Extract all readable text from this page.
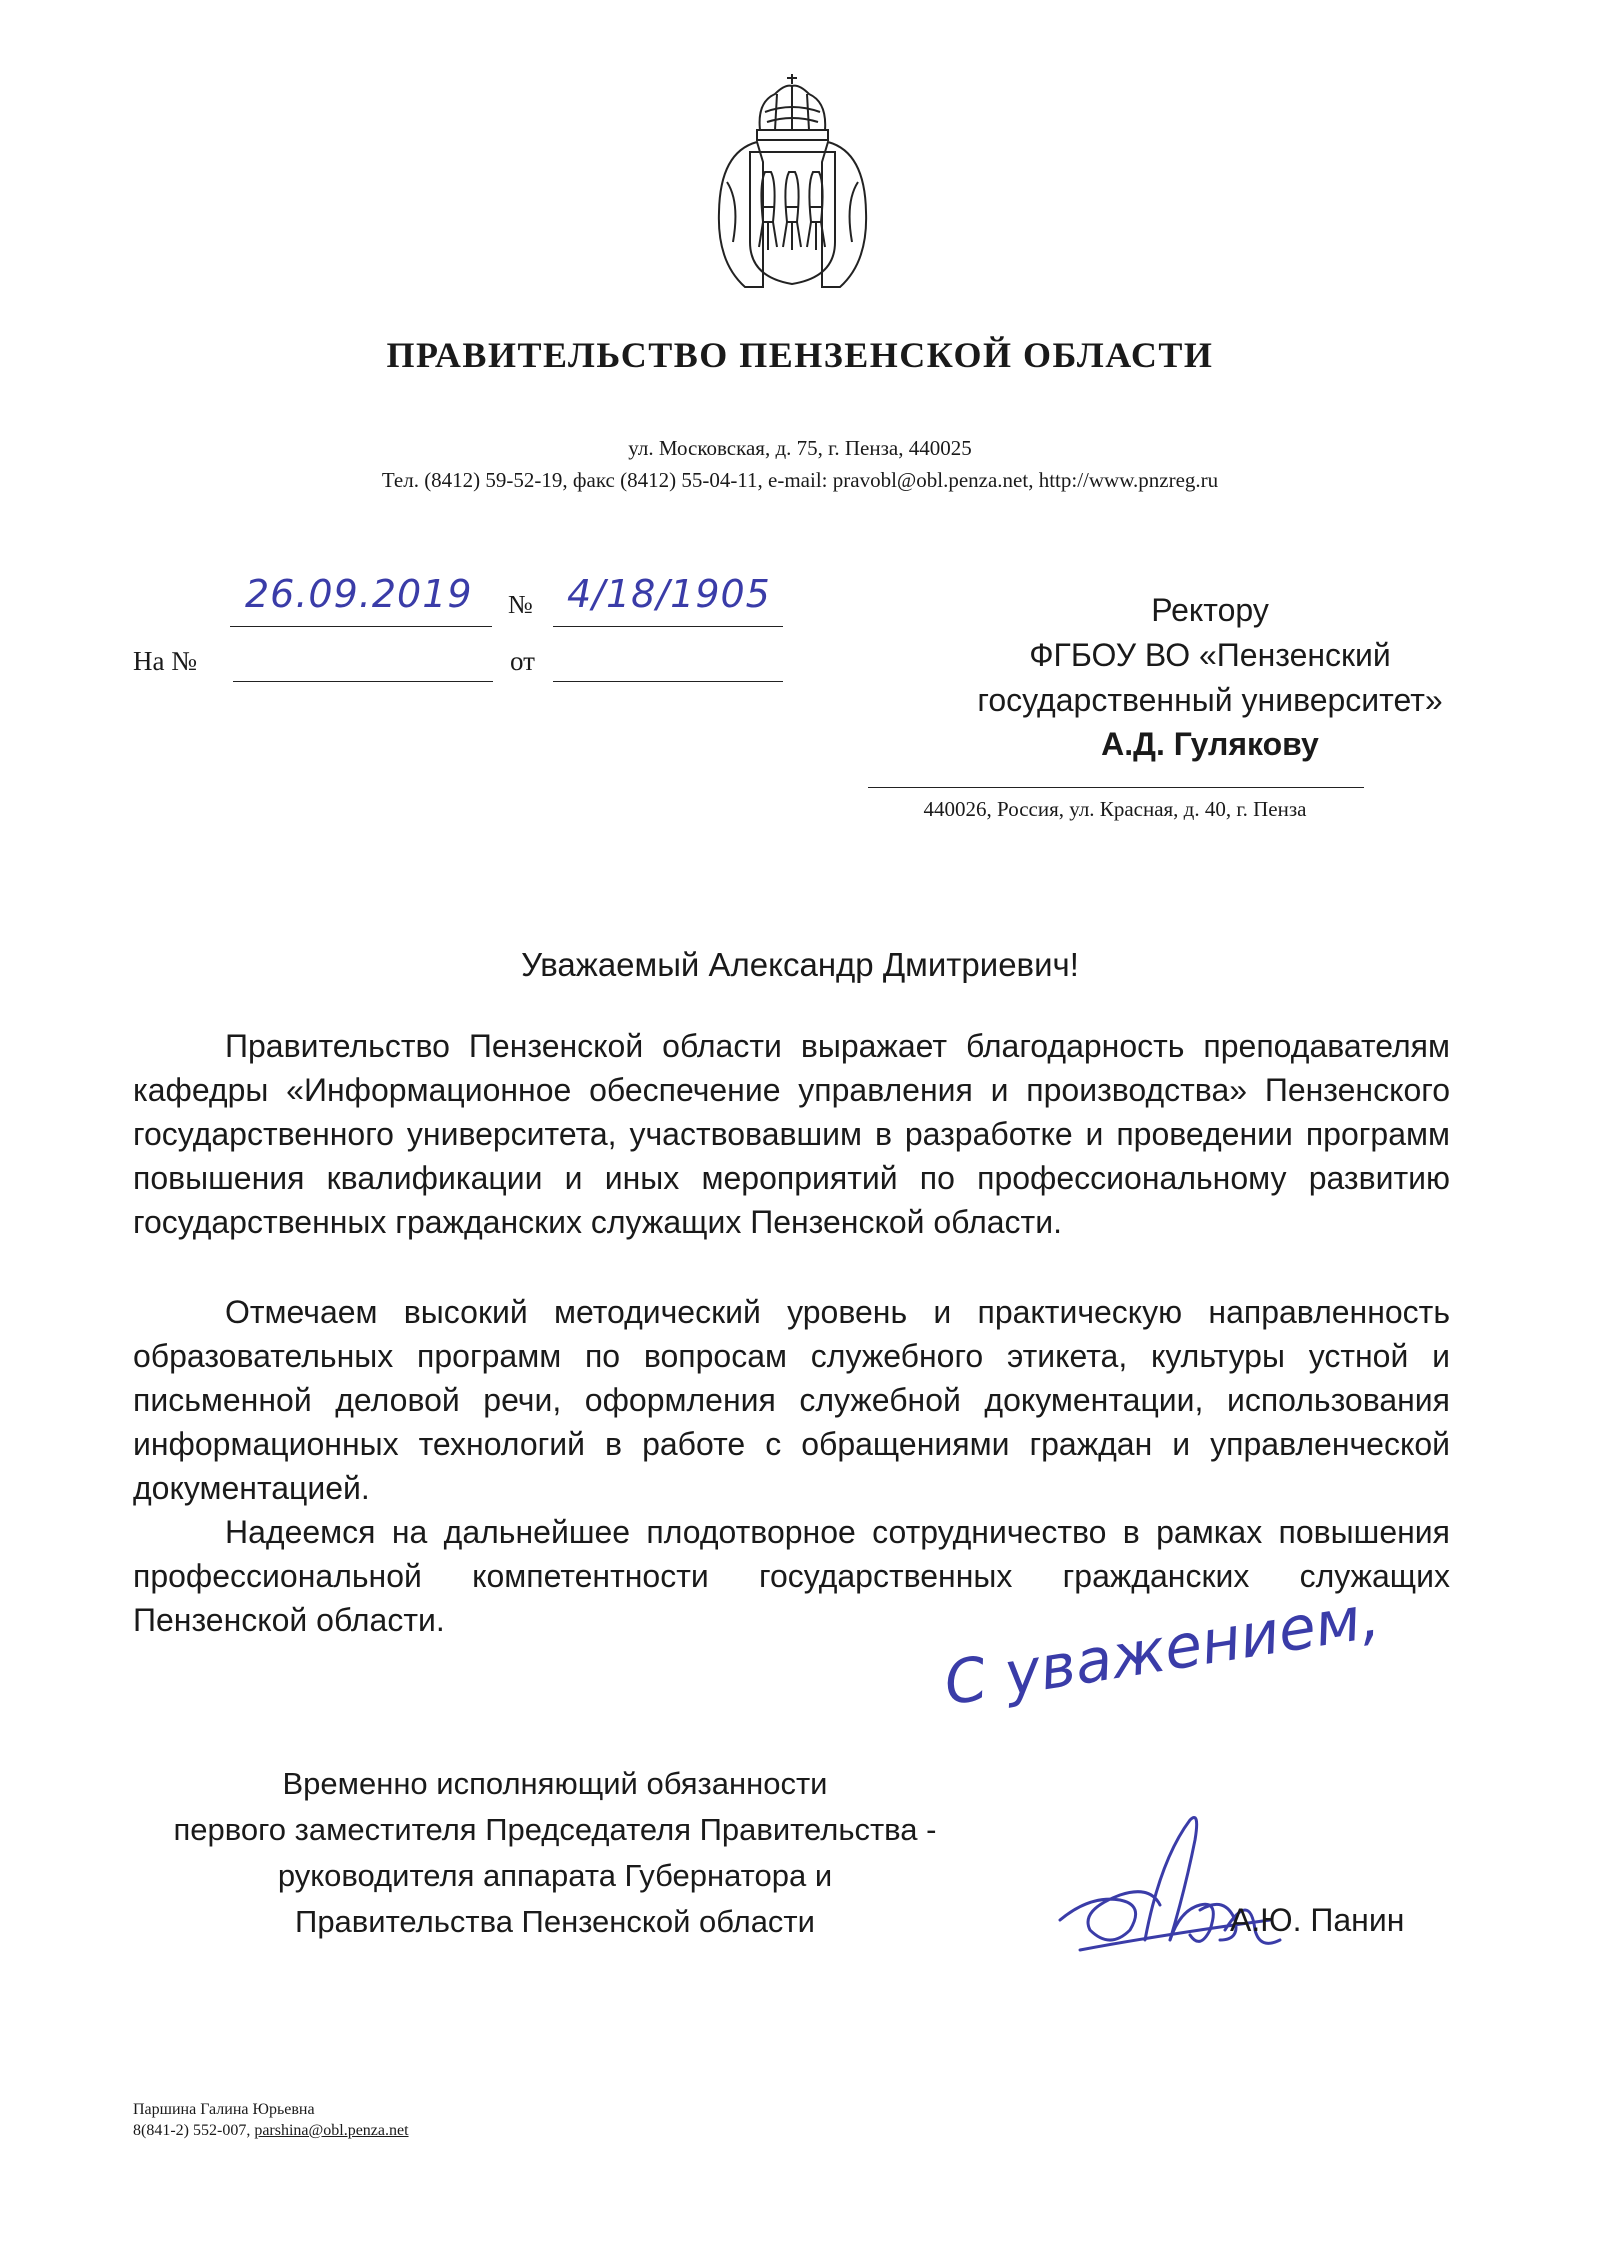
ПРАВИТЕЛЬСТВО ПЕНЗЕНСКОЙ ОБЛАСТИ
ул. Московская, д. 75, г. Пенза, 440025
Тел. (8412) 59-52-19, факс (8412) 55-04-11, e-mail: pravobl@obl.penza.net, http://www.pnzreg.ru
26.09.2019 № 4/18/1905
На №	от
Ректору
ФГБОУ ВО «Пензенский
государственный университет»
А.Д. Гулякову
440026, Россия, ул. Красная, д. 40, г. Пенза
Уважаемый Александр Дмитриевич!

Правительство Пензенской области выражает благодарность преподавателям кафедры «Информационное обеспечение управления и производства» Пензенского государственного университета, участвовавшим в разработке и проведении программ повышения квалификации и иных мероприятий по профессиональному развитию государственных гражданских служащих Пензенской области.

Отмечаем высокий методический уровень и практическую направленность образовательных программ по вопросам служебного этикета, культуры устной и письменной деловой речи, оформления служебной документации, использования информационных технологий в работе с обращениями граждан и управленческой документацией.

Надеемся на дальнейшее плодотворное сотрудничество в рамках повышения профессиональной компетентности государственных гражданских служащих Пензенской области.	С уважением,
Временно исполняющий обязанности
первого заместителя Председателя Правительства -
руководителя аппарата Губернатора и
Правительства Пензенской области	А.Ю. Панин
Паршина Галина Юрьевна
8(841-2) 552-007, parshina@obl.penza.net
